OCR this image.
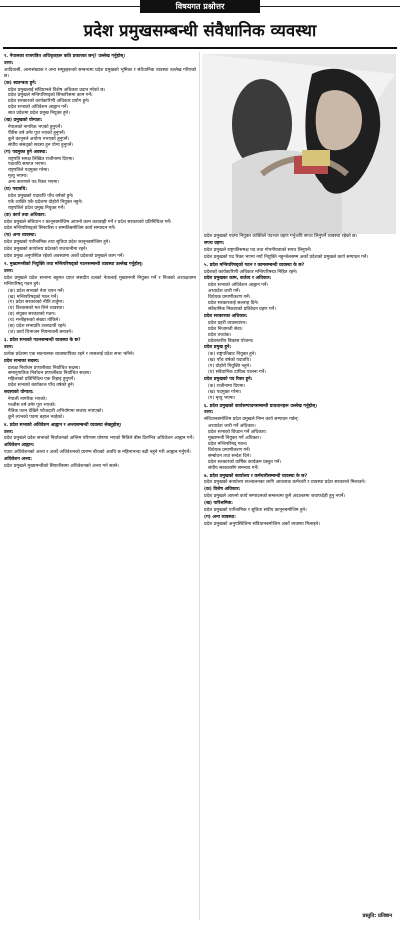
विषयगत प्रश्नोत्तर
प्रदेश प्रमुखसम्बन्धी संवैधानिक व्यवस्था
१. नेपालका राजपत्रित अधिकृतहरू कति प्रकारका छन्? उल्लेख गर्नुहोस्।
उत्तर:
आदिवासी, अल्पसंख्यक र अन्य समूहहरूको सम्बन्धमा प्रदेश प्रमुखको भूमिका र संवैधानिक व्यवस्था उल्लेख गरिएको छ।
(क) स्वतन्त्रता हुने:
प्रदेश प्रमुखलाई संविधानले विशेष अधिकार प्रदान गरेको छ।
प्रदेश प्रमुखले मन्त्रिपरिषद्को सिफारिसमा काम गर्ने।
प्रदेश सरकारको कार्यकारिणी अधिकार प्रयोग हुने।
प्रदेश सभाको अधिवेशन आह्वान गर्ने।
सात प्रदेशमा प्रदेश प्रमुख नियुक्त हुने।
(ख) प्रमुखको योग्यता:
नेपालको नागरिक भएको हुनुपर्ने।
पैँतीस वर्ष उमेर पूरा भएको हुनुपर्ने।
कुनै कानूनले अयोग्य नभएको हुनुपर्ने।
संघीय संसद्को सदस्य हुन योग्य हुनुपर्ने।
(ग) पदमुक्त हुने अवस्था:
राष्ट्रपति समक्ष लिखित राजीनामा दिएमा।
पदावधि समाप्त भएमा।
राष्ट्रपतिले पदमुक्त गरेमा।
मृत्यु भएमा।
अन्य कारणले पद रिक्त भएमा।
(घ) पदावधि:
प्रदेश प्रमुखको पदावधि पाँच वर्षको हुने।
एकै व्यक्ति एकै प्रदेशमा दोहोरो नियुक्त नहुने।
राष्ट्रपतिले प्रदेश प्रमुख नियुक्त गर्ने।
(ङ) कार्य तथा अधिकार:
प्रदेश प्रमुखले संविधान र कानूनबमोजिम आफ्नो काम कारबाही गर्ने र प्रदेश सरकारको प्रतिनिधित्व गर्ने।
प्रदेश मन्त्रिपरिषद्को सिफारिस र सम्मतिबमोजिम कार्य सम्पादन गर्ने।
(च) अन्य व्यवस्था:
प्रदेश प्रमुखको पारिश्रमिक तथा सुविधा प्रदेश कानूनबमोजिम हुने।
प्रदेश प्रमुखको कार्यालय प्रदेशको राजधानीमा रहने।
प्रदेश प्रमुख अनुपस्थित रहेको अवस्थामा अर्को प्रदेशको प्रमुखले काम गर्ने।
२. मुख्यमन्त्रीको नियुक्ति तथा मन्त्रिपरिषद्को गठनसम्बन्धी व्यवस्था उल्लेख गर्नुहोस्।
उत्तर:
प्रदेश प्रमुखले प्रदेश सभामा बहुमत प्राप्त संसदीय दलको नेतालाई मुख्यमन्त्री नियुक्त गर्ने र निजको अध्यक्षतामा मन्त्रिपरिषद् गठन हुने।
(क) प्रदेश सभाको नेता चयन गर्ने।
(ख) मन्त्रिपरिषद्को गठन गर्ने।
(ग) प्रदेश सरकारको नीति तर्जुमा।
(घ) विश्वासको मत लिने व्यवस्था।
(ङ) संयुक्त सरकारको गठन।
(च) मन्त्रीहरूको संख्या तोकिने।
(छ) प्रदेश सभाप्रति उत्तरदायी रहने।
(ज) कार्य विभाजन नियमावली बनाउने।
३. प्रदेश सभाको गठनसम्बन्धी व्यवस्था के छ?
उत्तर:
प्रत्येक प्रदेशमा एक सदनात्मक व्यवस्थापिका रहने र त्यसलाई प्रदेश सभा भनिने।
प्रदेश सभाका सदस्य:
प्रत्यक्ष निर्वाचन प्रणालीबाट निर्वाचित सदस्य।
समानुपातिक निर्वाचन प्रणालीबाट निर्वाचित सदस्य।
महिलाको प्रतिनिधित्व एक तिहाइ हुनुपर्ने।
प्रदेश सभाको कार्यकाल पाँच वर्षको हुने।
सदस्यको योग्यता:
नेपाली नागरिक भएको।
पच्चीस वर्ष उमेर पूरा भएको।
नैतिक पतन देखिने फौजदारी अभियोगमा सजाय नपाएको।
कुनै लाभको पदमा बहाल नरहेको।
४. प्रदेश सभाको अधिवेशन आह्वान र अन्त्यसम्बन्धी व्यवस्था लेख्नुहोस्।
उत्तर:
प्रदेश प्रमुखले प्रदेश सभाको निर्वाचनको अन्तिम परिणाम घोषणा भएको मितिले बीस दिनभित्र अधिवेशन आह्वान गर्ने।
अधिवेशन आह्वान:
एउटा अधिवेशनको अन्त्य र अर्को अधिवेशनको प्रारम्भ बीचको अवधि छ महिनाभन्दा बढी नहुने गरी आह्वान गर्नुपर्ने।
अधिवेशन अन्त्य:
प्रदेश प्रमुखले मुख्यमन्त्रीको सिफारिसमा अधिवेशनको अन्त्य गर्न सक्ने।
प्रदेश प्रमुखको पदमा नियुक्त व्यक्तिले पदभार ग्रहण गर्नुअघि सपथ लिनुपर्ने व्यवस्था रहेको छ।
सपथ ग्रहण:
प्रदेश प्रमुखले राष्ट्रपतिसमक्ष पद तथा गोपनीयताको सपथ लिनुपर्ने।
प्रदेश प्रमुखको पद रिक्त भएमा नयाँ नियुक्ति नहुन्जेलसम्म अर्को प्रदेशको प्रमुखले कार्य सम्पादन गर्ने।
५. प्रदेश मन्त्रिपरिषद्को गठन र कामसम्बन्धी व्यवस्था के छ?
प्रदेशको कार्यकारिणी अधिकार मन्त्रिपरिषद्मा निहित रहने।
प्रदेश प्रमुखका काम, कर्तव्य र अधिकार:
प्रदेश सभाको अधिवेशन आह्वान गर्ने।
अध्यादेश जारी गर्ने।
विधेयक प्रमाणीकरण गर्ने।
प्रदेश सरकारलाई सल्लाह दिने।
संवैधानिक निकायको प्रतिवेदन ग्रहण गर्ने।
प्रदेश सरकारका अधिकार:
प्रदेश प्रहरी व्यवस्थापन।
प्रदेश निजामती सेवा।
प्रदेश तथ्यांक।
प्रदेशस्तरीय विकास योजना।
प्रदेश प्रमुख हुने:
(क) राष्ट्रपतिबाट नियुक्त हुने।
(ख) पाँच वर्षको पदावधि।
(ग) दोहोरो नियुक्ति नहुने।
(घ) संवैधानिक दायित्व पालना गर्ने।
प्रदेश प्रमुखको पद रिक्त हुने:
(क) राजीनामा दिएमा।
(ख) पदमुक्त गरेमा।
(ग) मृत्यु भएमा।
६. प्रदेश प्रमुखको कार्यसम्पादनसम्बन्धी प्रावधानहरू उल्लेख गर्नुहोस्।
उत्तर:
संविधानबमोजिम प्रदेश प्रमुखले निम्न कार्य सम्पादन गर्छन्:
अध्यादेश जारी गर्ने अधिकार।
प्रदेश सभाको विघटन गर्ने अधिकार।
मुख्यमन्त्री नियुक्त गर्ने अधिकार।
प्रदेश मन्त्रिपरिषद् गठन।
विधेयक प्रमाणीकरण गर्ने।
सम्बोधन तथा सन्देश दिने।
प्रदेश सरकारको वार्षिक कार्यक्रम प्रस्तुत गर्ने।
संघीय सरकारसँग समन्वय गर्ने।
७. प्रदेश प्रमुखको कार्यालय र कर्मचारीसम्बन्धी व्यवस्था के छ?
प्रदेश प्रमुखको कार्यालय सञ्चालनका लागि आवश्यक कर्मचारी र व्यवस्था प्रदेश सरकारले मिलाउने।
(क) विशेष अधिकार:
प्रदेश प्रमुखले आफ्नो कार्य सम्पादनको सम्बन्धमा कुनै अदालतमा जवाफदेही हुनु नपर्ने।
(ख) पारिश्रमिक:
प्रदेश प्रमुखको पारिश्रमिक र सुविधा संघीय कानूनबमोजिम हुने।
(ग) अन्य व्यवस्था:
प्रदेश प्रमुखको अनुपस्थितिमा संविधानबमोजिम अर्को व्यवस्था मिलाइने।
प्रस्तुति: प्रतिष्ठान
